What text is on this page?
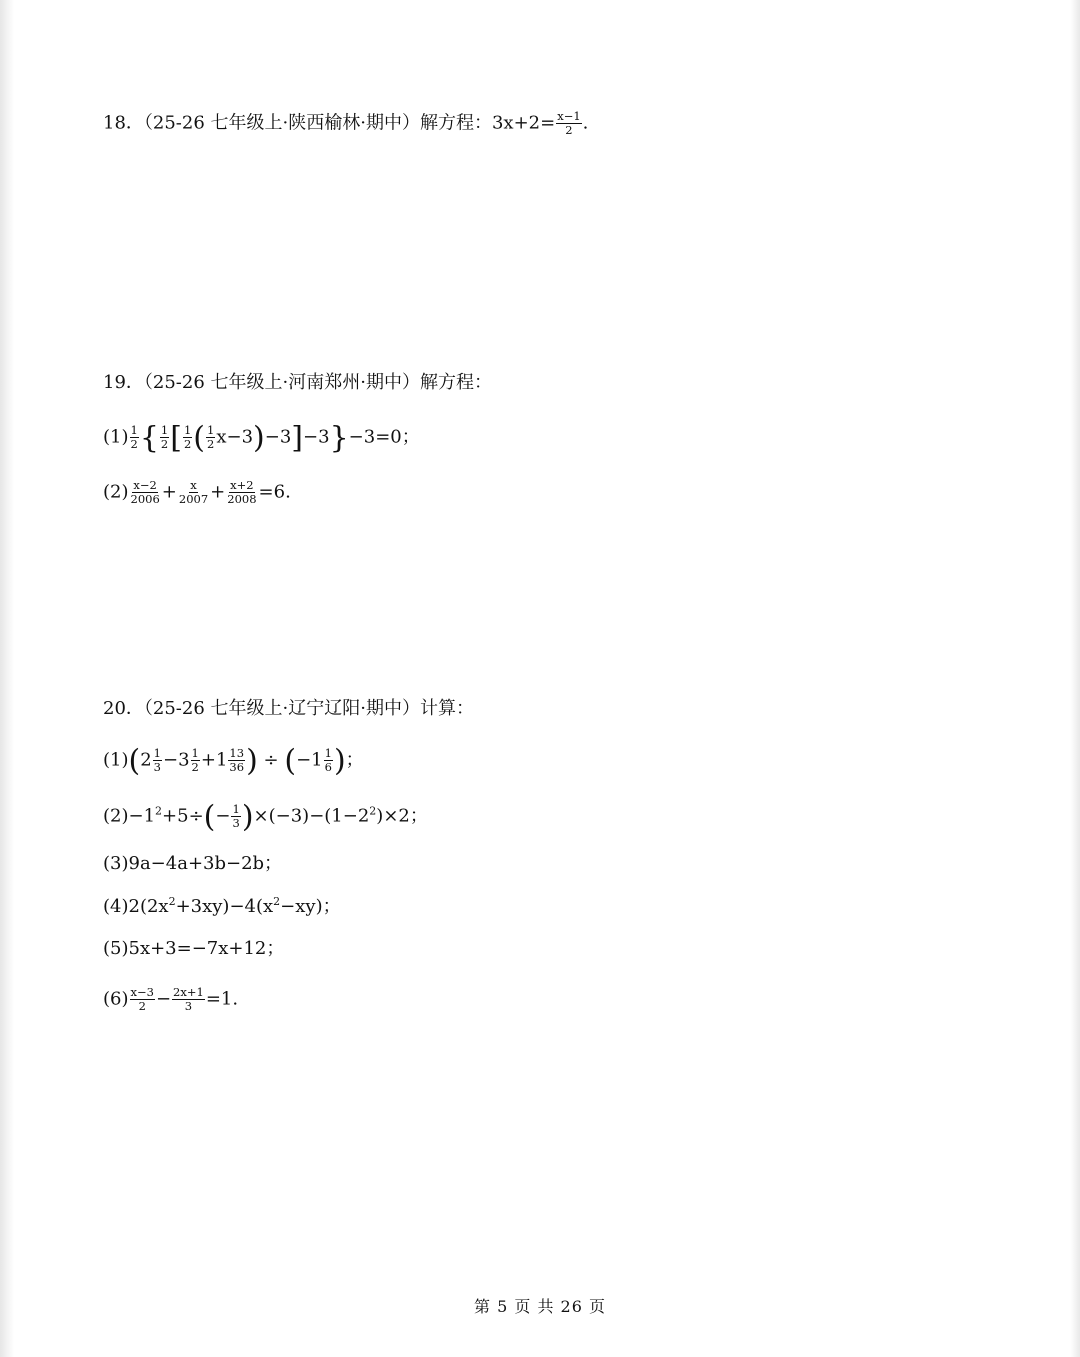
18．（25-26 七年级上·陕西榆林·期中）解方程：$3x+2= \frac{x-1}{2}$ .
19．（25-26 七年级上·河南郑州·期中）解方程：
$(1) \frac{1}{2}$ { $\frac{1}{2}$ [ $\frac{1}{2}$ ( $\frac{1}{2} x-3)-3]-3\}-3=0$；
$(2) \frac{x-2}{2006} + \frac{x}{2007} + \frac{x+2}{2008} =6$.
20．（25-26 七年级上·辽宁辽阳·期中）计算：
$(1)(2 \frac{1}{3} -3 \frac{1}{2} +1 \frac{13}{36}$ ) ÷ ($-1 \frac{1}{6}$ )；
$(2)-1^2+5\div(- \frac{1}{3} )\times(-3)-(1-2^2)\times 2$；
(3)9a−4a+3b−2b；
$(4)2(2x^2+3xy)-4(x^2-xy)$；
(5)5x+3=−7x+12；
$(6) \frac{x-3}{2} - \frac{2x+1}{3} =1$.
第 5 页 共 26 页
